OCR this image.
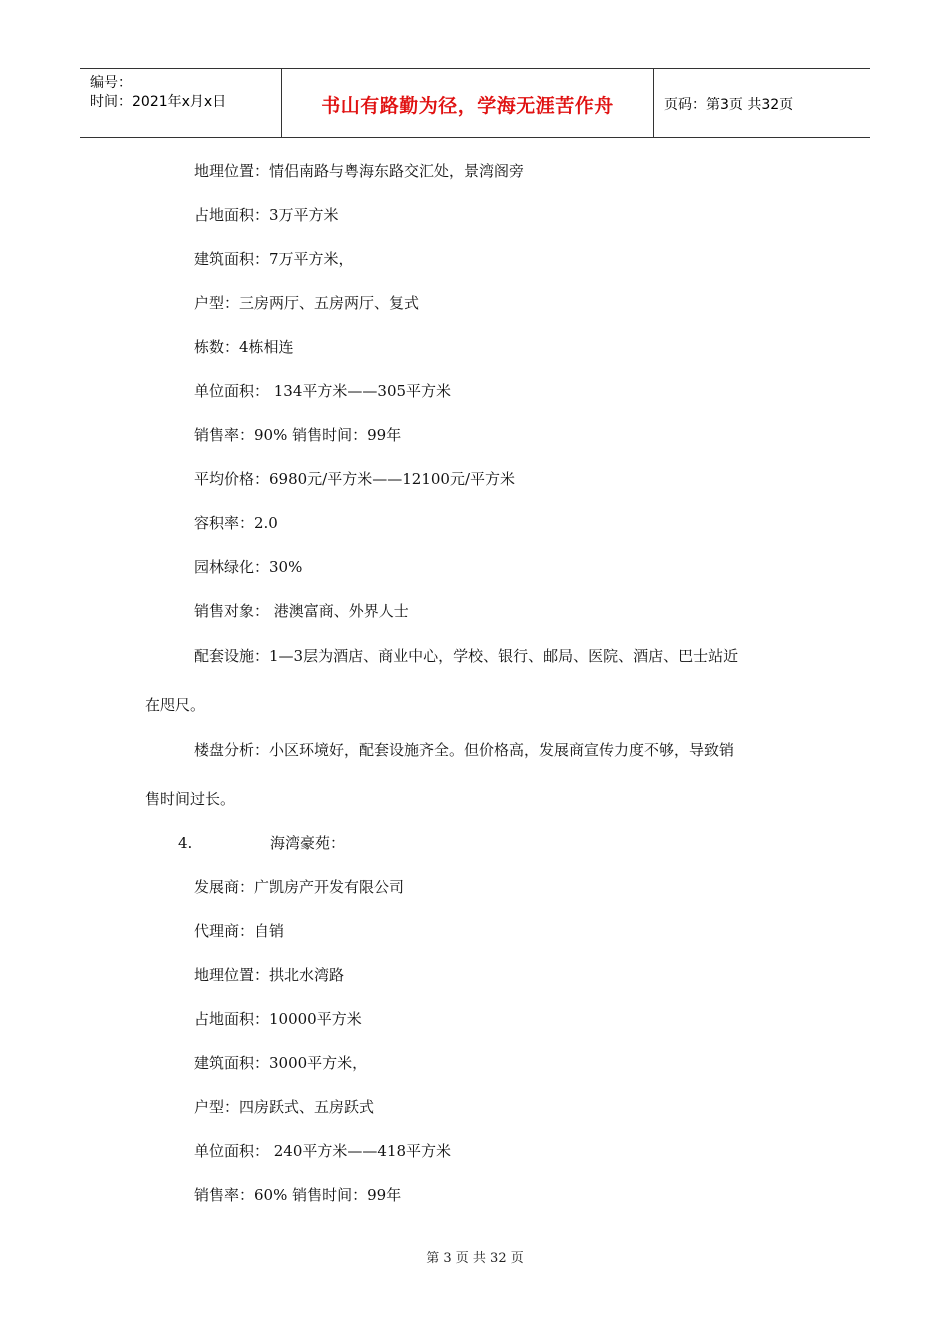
编号：
时间：2021年x月x日	书山有路勤为径，学海无涯苦作舟	页码：第3页 共32页
地理位置：情侣南路与粤海东路交汇处，景湾阁旁
占地面积：3万平方米
建筑面积：7万平方米，
户型：三房两厅、五房两厅、复式
栋数：4栋相连
单位面积： 134平方米——305平方米
销售率：90% 销售时间：99年
平均价格：6980元/平方米——12100元/平方米
容积率：2.0
园林绿化：30%
销售对象： 港澳富商、外界人士
配套设施：1—3层为酒店、商业中心，学校、银行、邮局、医院、酒店、巴士站近
在咫尺。
楼盘分析：小区环境好，配套设施齐全。但价格高，发展商宣传力度不够，导致销
售时间过长。
4.	海湾豪苑：
发展商：广凯房产开发有限公司
代理商：自销
地理位置：拱北水湾路
占地面积：10000平方米
建筑面积：3000平方米，
户型：四房跃式、五房跃式
单位面积： 240平方米——418平方米
销售率：60% 销售时间：99年
第 3 页 共 32 页
